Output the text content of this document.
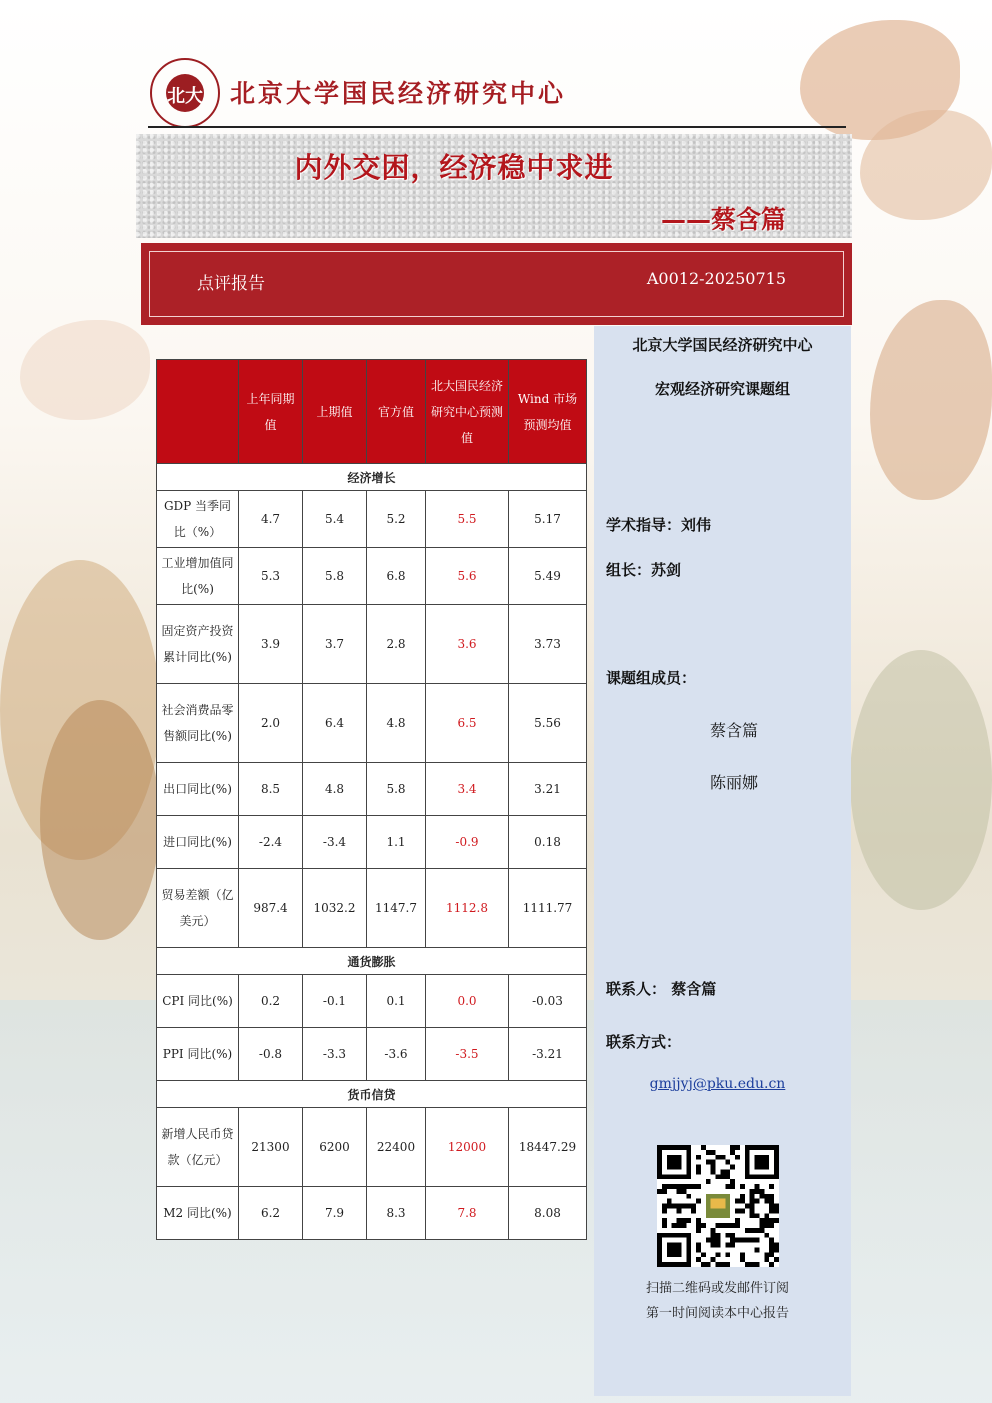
北大 北京大学国民经济研究中心
内外交困，经济稳中求进
——蔡含篇
点评报告	A0012-20250715
	上年同期值	上期值	官方值	北大国民经济研究中心预测值	Wind 市场预测均值
经济增长					
GDP 当季同比（%）	4.7	5.4	5.2	5.5	5.17
工业增加值同比(%)	5.3	5.8	6.8	5.6	5.49
固定资产投资累计同比(%)	3.9	3.7	2.8	3.6	3.73
社会消费品零售额同比(%)	2.0	6.4	4.8	6.5	5.56
出口同比(%)	8.5	4.8	5.8	3.4	3.21
进口同比(%)	-2.4	-3.4	1.1	-0.9	0.18
贸易差额（亿美元）	987.4	1032.2	1147.7	1112.8	1111.77
通货膨胀					
CPI 同比(%)	0.2	-0.1	0.1	0.0	-0.03
PPI 同比(%)	-0.8	-3.3	-3.6	-3.5	-3.21
货币信贷					
新增人民币贷款（亿元）	21300	6200	22400	12000	18447.29
M2 同比(%)	6.2	7.9	8.3	7.8	8.08
北京大学国民经济研究中心
宏观经济研究课题组
学术指导：刘伟
组长：苏剑
课题组成员：
蔡含篇
陈丽娜
联系人： 蔡含篇
联系方式：
gmjjyj@pku.edu.cn
扫描二维码或发邮件订阅
第一时间阅读本中心报告
